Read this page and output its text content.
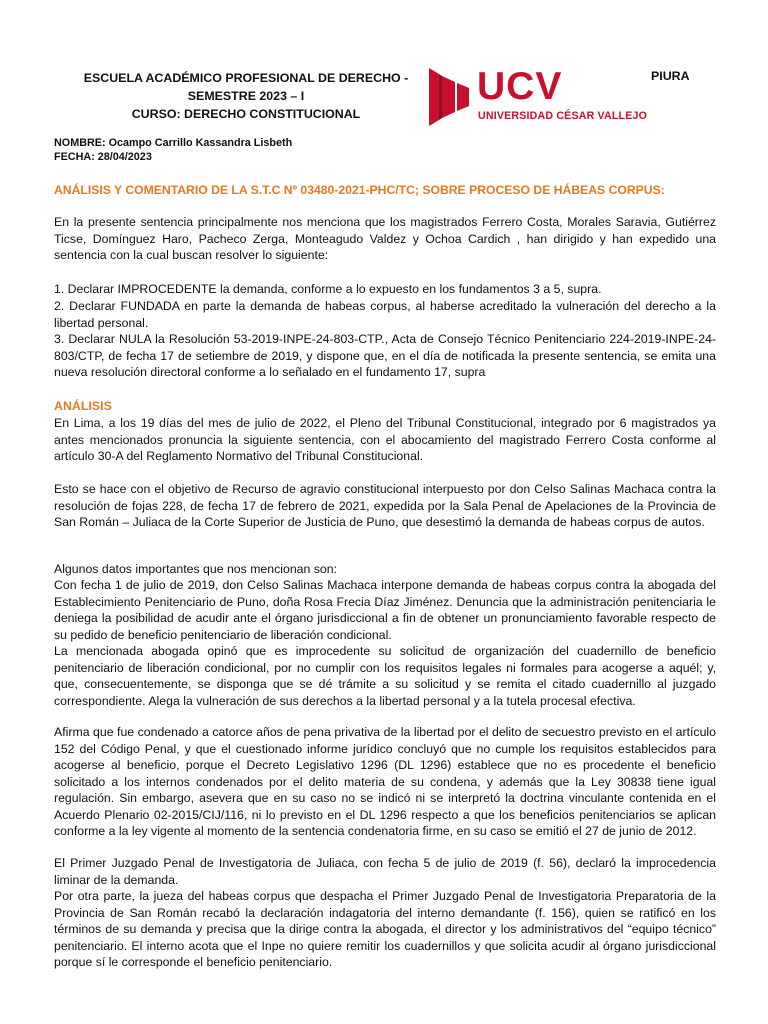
ESCUELA ACADÉMICO PROFESIONAL DE DERECHO -
SEMESTRE 2023 – I
CURSO: DERECHO CONSTITUCIONAL
UCV
UNIVERSIDAD CÉSAR VALLEJO
PIURA
NOMBRE: Ocampo Carrillo Kassandra Lisbeth
FECHA: 28/04/2023
ANÁLISIS Y COMENTARIO DE LA S.T.C Nº 03480-2021-PHC/TC; SOBRE PROCESO DE HÁBEAS CORPUS:

En la presente sentencia principalmente nos menciona que los magistrados Ferrero Costa, Morales Saravia, Gutiérrez Ticse, Domínguez Haro, Pacheco Zerga, Monteagudo Valdez y Ochoa Cardich , han dirigido y han expedido una sentencia con la cual buscan resolver lo siguiente:

1. Declarar IMPROCEDENTE la demanda, conforme a lo expuesto en los fundamentos 3 a 5, supra.

2. Declarar FUNDADA en parte la demanda de habeas corpus, al haberse acreditado la vulneración del derecho a la libertad personal.

3. Declarar NULA la Resolución 53-2019-INPE-24-803-CTP., Acta de Consejo Técnico Penitenciario 224-2019-INPE-24-803/CTP, de fecha 17 de setiembre de 2019, y dispone que, en el día de notificada la presente sentencia, se emita una nueva resolución directoral conforme a lo señalado en el fundamento 17, supra

ANÁLISIS

En Lima, a los 19 días del mes de julio de 2022, el Pleno del Tribunal Constitucional, integrado por 6 magistrados ya antes mencionados pronuncia la siguiente sentencia, con el abocamiento del magistrado Ferrero Costa conforme al artículo 30-A del Reglamento Normativo del Tribunal Constitucional.

Esto se hace con el objetivo de Recurso de agravio constitucional interpuesto por don Celso Salinas Machaca contra la resolución de fojas 228, de fecha 17 de febrero de 2021, expedida por la Sala Penal de Apelaciones de la Provincia de San Román – Juliaca de la Corte Superior de Justicia de Puno, que desestimó la demanda de habeas corpus de autos.

Algunos datos importantes que nos mencionan son:

Con fecha 1 de julio de 2019, don Celso Salinas Machaca interpone demanda de habeas corpus contra la abogada del Establecimiento Penitenciario de Puno, doña Rosa Frecia Díaz Jiménez. Denuncia que la administración penitenciaria le deniega la posibilidad de acudir ante el órgano jurisdiccional a fin de obtener un pronunciamiento favorable respecto de su pedido de beneficio penitenciario de liberación condicional.

La mencionada abogada opinó que es improcedente su solicitud de organización del cuadernillo de beneficio penitenciario de liberación condicional, por no cumplir con los requisitos legales ni formales para acogerse a aquél; y, que, consecuentemente, se disponga que se dé trámite a su solicitud y se remita el citado cuadernillo al juzgado correspondiente. Alega la vulneración de sus derechos a la libertad personal y a la tutela procesal efectiva.

Afirma que fue condenado a catorce años de pena privativa de la libertad por el delito de secuestro previsto en el artículo 152 del Código Penal, y que el cuestionado informe jurídico concluyó que no cumple los requisitos establecidos para acogerse al beneficio, porque el Decreto Legislativo 1296 (DL 1296) establece que no es procedente el beneficio solicitado a los internos condenados por el delito materia de su condena, y además que la Ley 30838 tiene igual regulación. Sin embargo, asevera que en su caso no se indicó ni se interpretó la doctrina vinculante contenida en el Acuerdo Plenario 02-2015/CIJ/116, ni lo previsto en el DL 1296 respecto a que los beneficios penitenciarios se aplican conforme a la ley vigente al momento de la sentencia condenatoria firme, en su caso se emitió el 27 de junio de 2012.

El Primer Juzgado Penal de Investigatoria de Juliaca, con fecha 5 de julio de 2019 (f. 56), declaró la improcedencia liminar de la demanda.

Por otra parte, la jueza del habeas corpus que despacha el Primer Juzgado Penal de Investigatoria Preparatoria de la Provincia de San Román recabó la declaración indagatoria del interno demandante (f. 156), quien se ratificó en los términos de su demanda y precisa que la dirige contra la abogada, el director y los administrativos del “equipo técnico” penitenciario. El interno acota que el Inpe no quiere remitir los cuadernillos y que solicita acudir al órgano jurisdiccional porque sí le corresponde el beneficio penitenciario.
